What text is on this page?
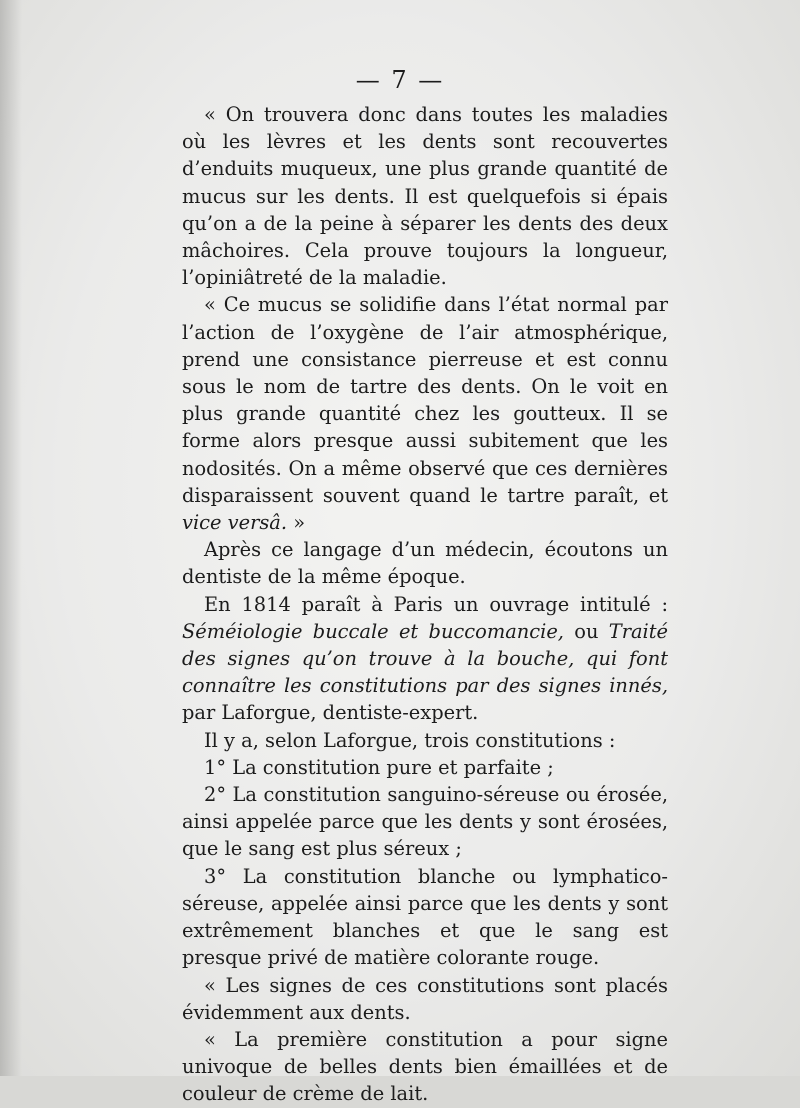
— 7 —

« On trouvera donc dans toutes les maladies où les lèvres et les dents sont recouvertes d’enduits muqueux, une plus grande quantité de mucus sur les dents. Il est quelquefois si épais qu’on a de la peine à séparer les dents des deux mâchoires. Cela prouve toujours la longueur, l’opiniâtreté de la maladie.

« Ce mucus se solidifie dans l’état normal par l’action de l’oxygène de l’air atmosphérique, prend une consistance pierreuse et est connu sous le nom de tartre des dents. On le voit en plus grande quantité chez les goutteux. Il se forme alors presque aussi subitement que les nodosités. On a même observé que ces dernières disparaissent souvent quand le tartre paraît, et vice versâ. »

Après ce langage d’un médecin, écoutons un dentiste de la même époque.

En 1814 paraît à Paris un ouvrage intitulé : Séméiologie buccale et buccomancie, ou Traité des signes qu’on trouve à la bouche, qui font connaître les constitutions par des signes innés, par Laforgue, dentiste-expert.

Il y a, selon Laforgue, trois constitutions :

1° La constitution pure et parfaite ;

2° La constitution sanguino-séreuse ou érosée, ainsi appelée parce que les dents y sont érosées, que le sang est plus séreux ;

3° La constitution blanche ou lymphatico-séreuse, appelée ainsi parce que les dents y sont extrêmement blanches et que le sang est presque privé de matière colorante rouge.

« Les signes de ces constitutions sont placés évidemment aux dents.

« La première constitution a pour signe univoque de belles dents bien émaillées et de couleur de crème de lait.
